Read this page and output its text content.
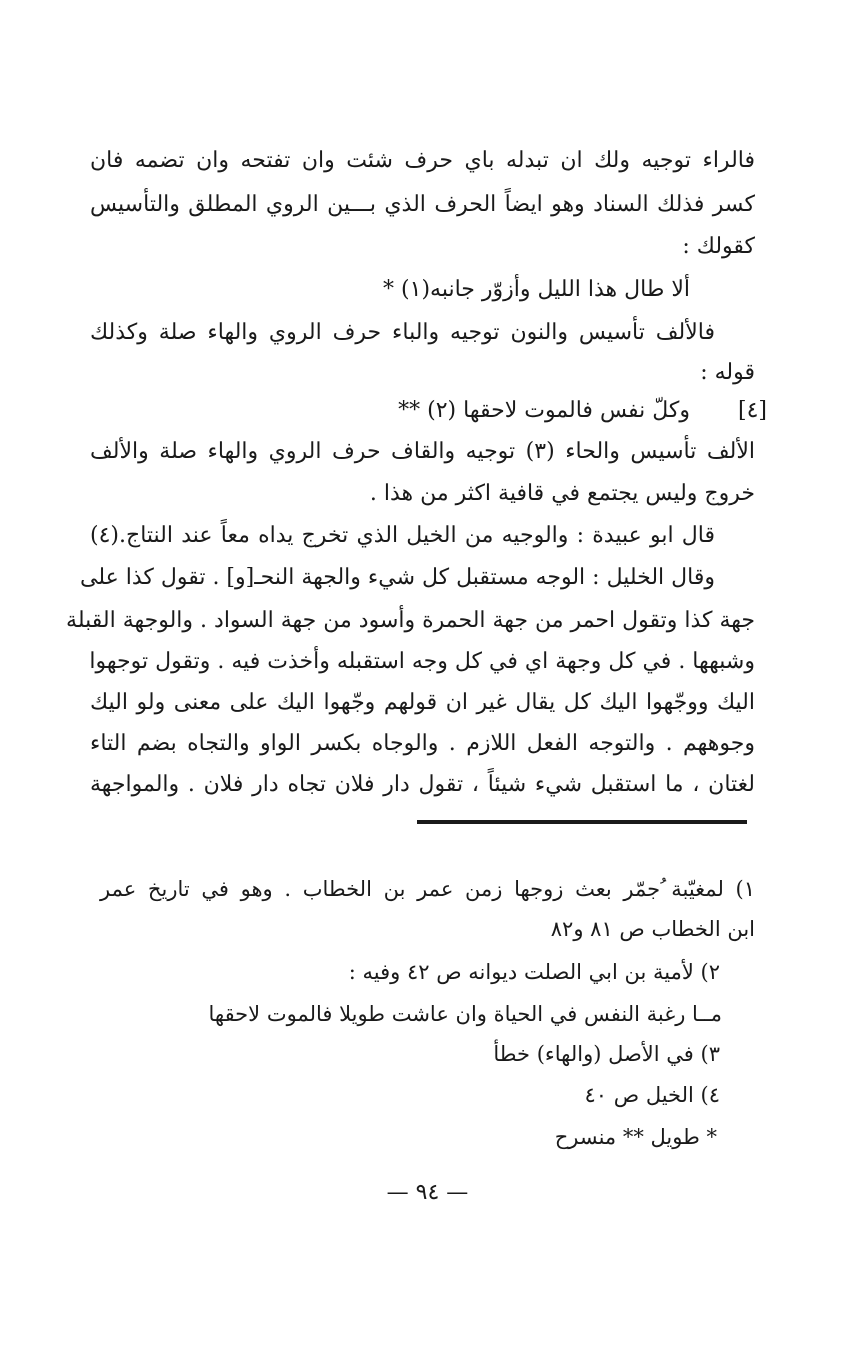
فالراء توجيه ولك ان تبدله باي حرف شئت وان تفتحه وان تضمه فان
كسر فذلك السناد وهو ايضاً الحرف الذي بـــين الروي المطلق والتأسيس
كقولك :
ألا طال هذا الليل وأزوّر جانبه(١) *
فالألف تأسيس والنون توجيه والباء حرف الروي والهاء صلة وكذلك
قوله :
[٤]
وكلّ نفس فالموت لاحقها (٢) **
الألف تأسيس والحاء (٣) توجيه والقاف حرف الروي والهاء صلة والألف
خروج وليس يجتمع في قافية اكثر من هذا .
قال ابو عبيدة : والوجيه من الخيل الذي تخرج يداه معاً عند النتاج.(٤)
وقال الخليل : الوجه مستقبل كل شيء والجهة النحـ[و] . تقول كذا على
جهة كذا وتقول احمر من جهة الحمرة وأسود من جهة السواد . والوجهة القبلة
وشبهها . في كل وجهة اي في كل وجه استقبله وأخذت فيه . وتقول توجهوا
اليك ووجّهوا اليك كل يقال غير ان قولهم وجّهوا اليك على معنى ولو اليك
وجوههم . والتوجه الفعل اللازم . والوجاه بكسر الواو والتجاه بضم التاء
لغتان ، ما استقبل شيء شيئاً ، تقول دار فلان تجاه دار فلان . والمواجهة
١) لمغيّبة ُجمّر بعث زوجها زمن عمر بن الخطاب . وهو في تاريخ عمر
ابن الخطاب ص ٨١ و٨٢
٢) لأمية بن ابي الصلت ديوانه ص ٤٢ وفيه :
مــا رغبة النفس في الحياة وان عاشت طويلا فالموت لاحقها
٣) في الأصل (والهاء) خطأ
٤) الخيل ص ٤٠
* طويل ** منسرح
— ٩٤ —
